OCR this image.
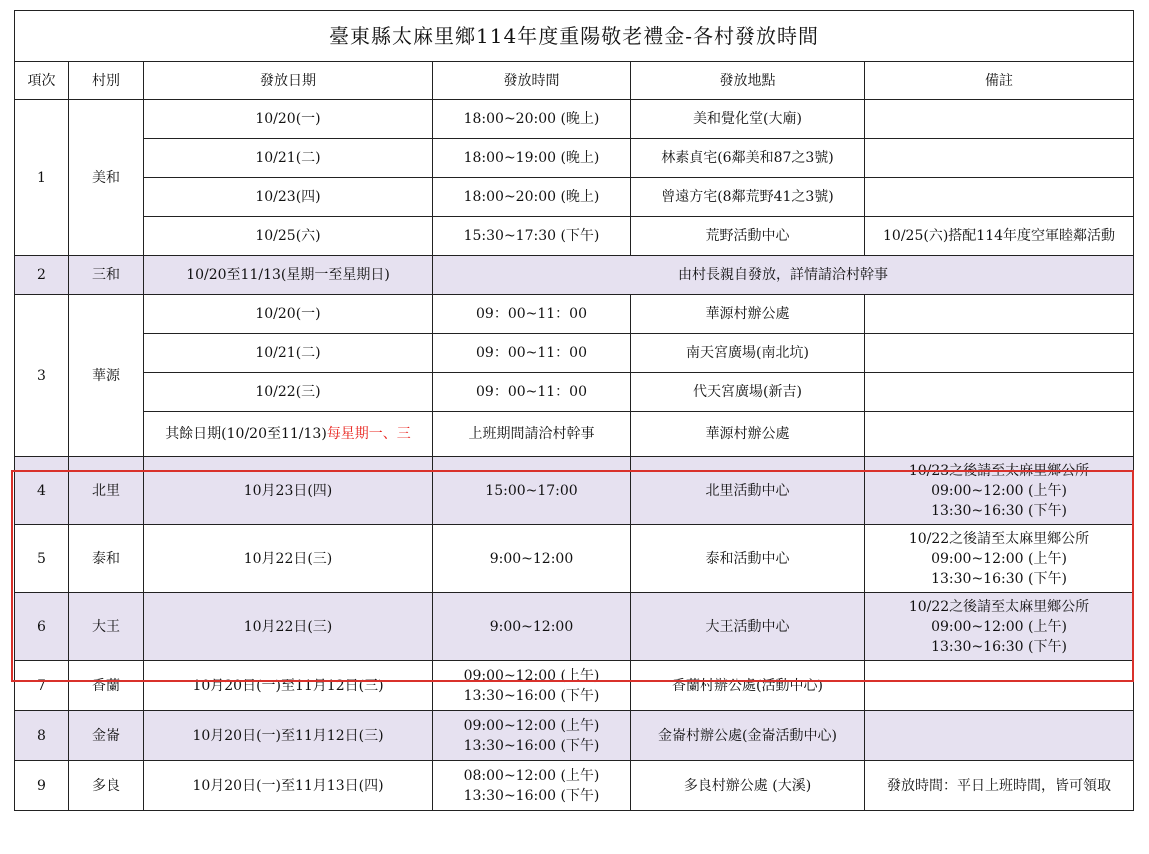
臺東縣太麻里鄉114年度重陽敬老禮金-各村發放時間					
項次	村別	發放日期	發放時間	發放地點	備註
1	美和	10/20(一)	18:00~20:00 (晚上)	美和覺化堂(大廟)	
		10/21(二)	18:00~19:00 (晚上)	林素貞宅(6鄰美和87之3號)	
		10/23(四)	18:00~20:00 (晚上)	曾遠方宅(8鄰荒野41之3號)	
		10/25(六)	15:30~17:30 (下午)	荒野活動中心	10/25(六)搭配114年度空軍睦鄰活動
2	三和	10/20至11/13(星期一至星期日)	由村長親自發放，詳情請洽村幹事		
3	華源	10/20(一)	09：00~11：00	華源村辦公處	
		10/21(二)	09：00~11：00	南天宮廣場(南北坑)	
		10/22(三)	09：00~11：00	代天宮廣場(新吉)	
		其餘日期(10/20至11/13)每星期一、三	上班期間請洽村幹事	華源村辦公處	
4	北里	10月23日(四)	15:00~17:00	北里活動中心	10/23之後請至太麻里鄉公所
09:00~12:00 (上午)
13:30~16:30 (下午)

5	泰和	10月22日(三)	9:00~12:00	泰和活動中心	10/22之後請至太麻里鄉公所
09:00~12:00 (上午)
13:30~16:30 (下午)

6	大王	10月22日(三)	9:00~12:00	大王活動中心	10/22之後請至太麻里鄉公所
09:00~12:00 (上午)
13:30~16:30 (下午)

7	香蘭	10月20日(一)至11月12日(三)	09:00~12:00 (上午)
13:30~16:00 (下午)	香蘭村辦公處(活動中心)	
8	金崙	10月20日(一)至11月12日(三)	09:00~12:00 (上午)
13:30~16:00 (下午)	金崙村辦公處(金崙活動中心)	
9	多良	10月20日(一)至11月13日(四)	08:00~12:00 (上午)
13:30~16:00 (下午)	多良村辦公處 (大溪)	發放時間：平日上班時間，皆可領取
